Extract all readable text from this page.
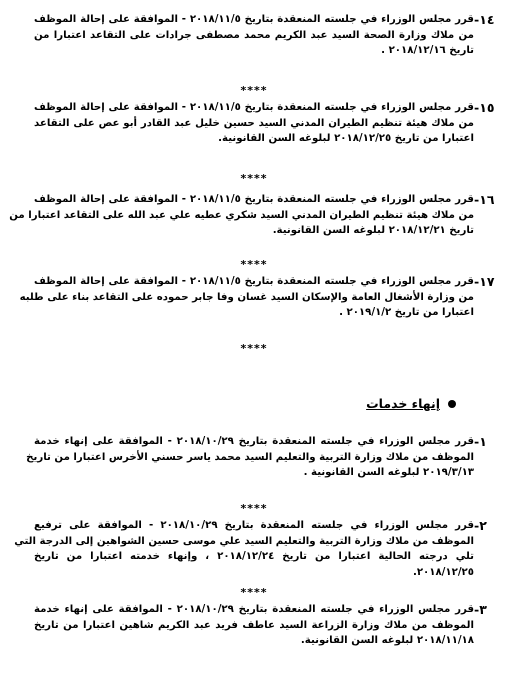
١٤-
قرر مجلس الوزراء في جلسته المنعقدة بتاريخ ٢٠١٨/١١/٥ - الموافقة على إحالة الموظف
من ملاك وزارة الصحة السيد عبد الكريم محمد مصطفى جرادات على التقاعد اعتبارا من
تاريخ ٢٠١٨/١٢/١٦ .
****
١٥-
قرر مجلس الوزراء في جلسته المنعقدة بتاريخ ٢٠١٨/١١/٥ - الموافقة على إحالة الموظف
من ملاك هيئة تنظيم الطيران المدني السيد حسين خليل عبد القادر أبو عص على التقاعد
اعتبارا من تاريخ ٢٠١٨/١٢/٢٥ لبلوغه السن القانونية.
****
١٦-
قرر مجلس الوزراء في جلسته المنعقدة بتاريخ ٢٠١٨/١١/٥ - الموافقة على إحالة الموظف
من ملاك هيئة تنظيم الطيران المدني السيد شكري عطيه علي عبد الله على التقاعد اعتبارا من
تاريخ ٢٠١٨/١٢/٢١ لبلوغه السن القانونية.
****
١٧-
قرر مجلس الوزراء في جلسته المنعقدة بتاريخ ٢٠١٨/١١/٥ - الموافقة على إحالة الموظف
من وزارة الأشغال العامة والإسكان السيد غسان وفا جابر حموده على التقاعد بناء على طلبه
اعتبارا من تاريخ ٢٠١٩/١/٢ .
****
إنهاء خدمات
١-
قرر مجلس الوزراء في جلسته المنعقدة بتاريخ ٢٠١٨/١٠/٢٩ - الموافقة على إنهاء خدمة
الموظف من ملاك وزارة التربية والتعليم السيد محمد ياسر حسني الأخرس اعتبارا من تاريخ
٢٠١٩/٣/١٣ لبلوغه السن القانونية .
****
٢-
قرر مجلس الوزراء في جلسته المنعقدة بتاريخ ٢٠١٨/١٠/٢٩ - الموافقة على ترفيع
الموظف من ملاك وزارة التربية والتعليم السيد علي موسى حسين الشواهين إلى الدرجة التي
تلي درجته الحالية اعتبارا من تاريخ ٢٠١٨/١٢/٢٤ ، وإنهاء خدمته اعتبارا من تاريخ
٢٠١٨/١٢/٢٥.
****
٣-
قرر مجلس الوزراء في جلسته المنعقدة بتاريخ ٢٠١٨/١٠/٢٩ - الموافقة على إنهاء خدمة
الموظف من ملاك وزارة الزراعة السيد عاطف فريد عبد الكريم شاهين اعتبارا من تاريخ
٢٠١٨/١١/١٨ لبلوغه السن القانونية.
